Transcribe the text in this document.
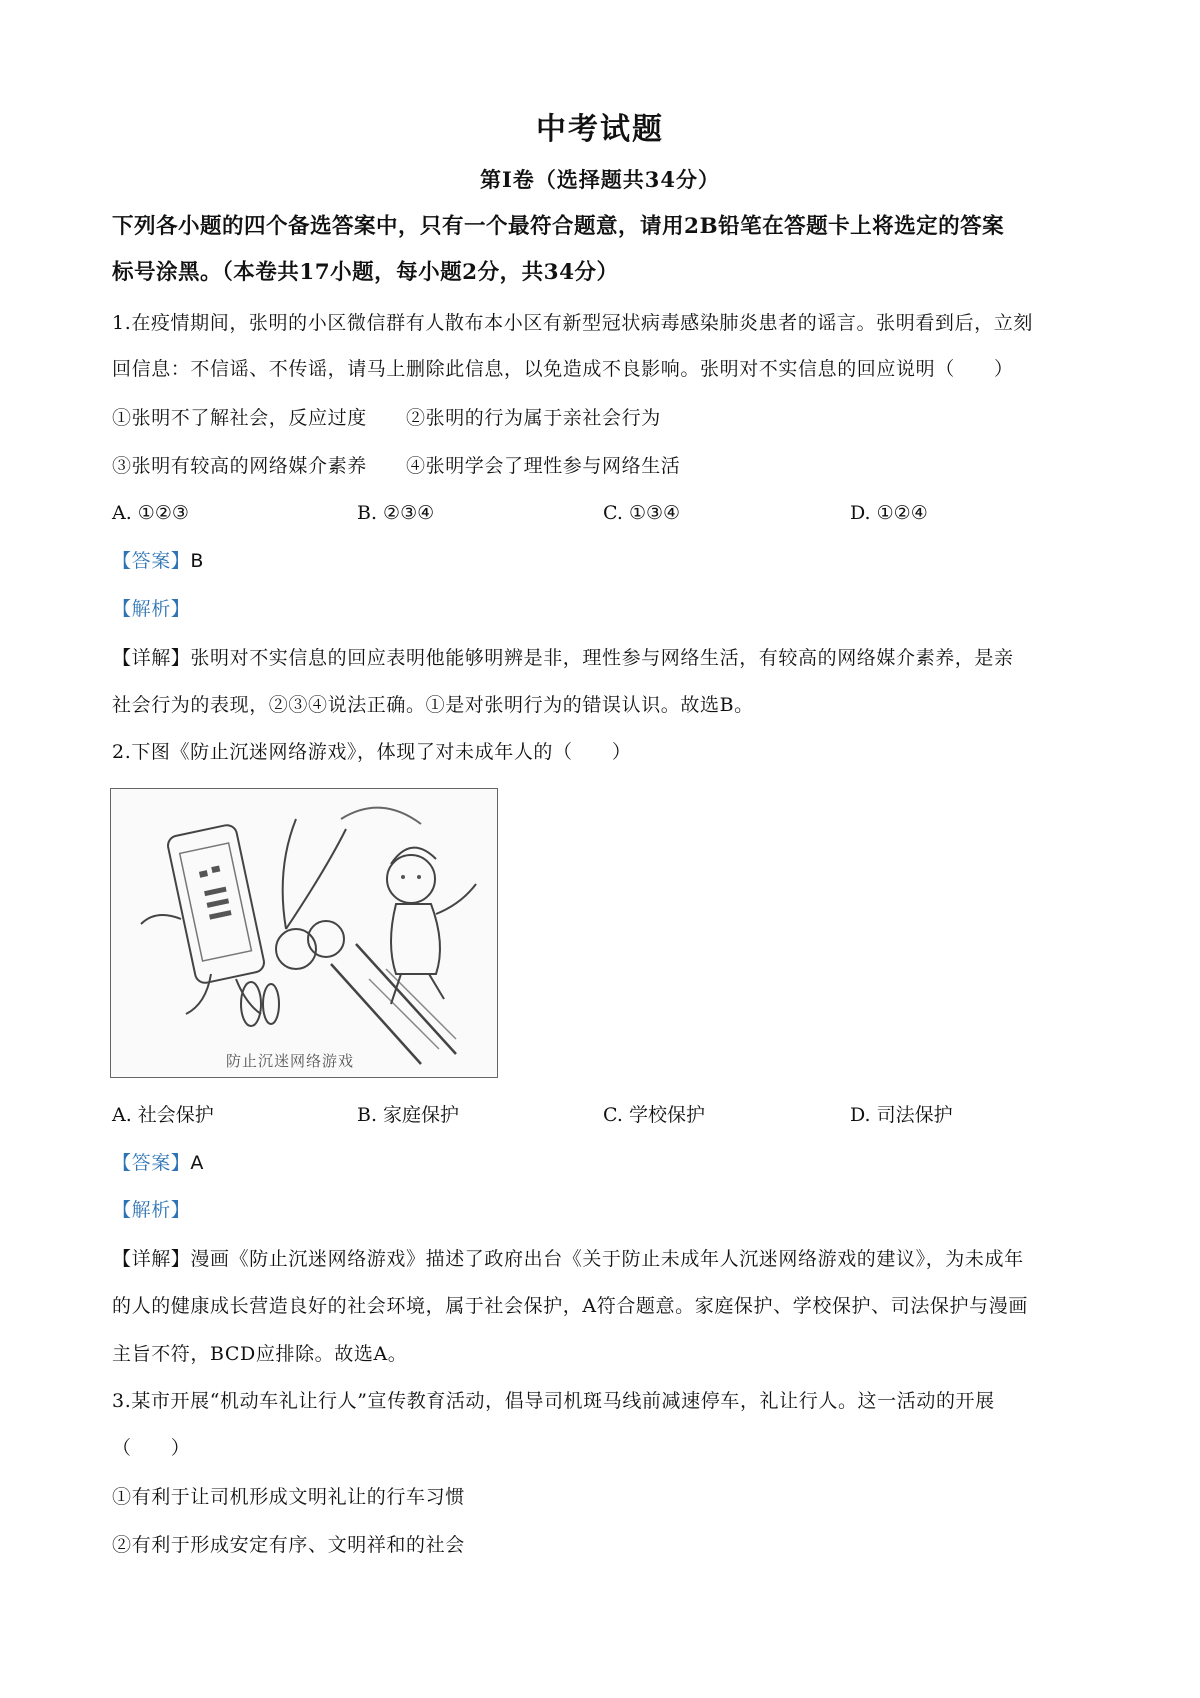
中考试题
第I卷（选择题共34分）
下列各小题的四个备选答案中，只有一个最符合题意，请用2B铅笔在答题卡上将选定的答案
标号涂黑。（本卷共17小题，每小题2分，共34分）
1.在疫情期间，张明的小区微信群有人散布本小区有新型冠状病毒感染肺炎患者的谣言。张明看到后，立刻
回信息：不信谣、不传谣，请马上删除此信息，以免造成不良影响。张明对不实信息的回应说明（　　）
①张明不了解社会，反应过度　　②张明的行为属于亲社会行为
③张明有较高的网络媒介素养　　④张明学会了理性参与网络生活
A. ①②③	B. ②③④	C. ①③④	D. ①②④
【答案】B
【解析】
【详解】张明对不实信息的回应表明他能够明辨是非，理性参与网络生活，有较高的网络媒介素养，是亲
社会行为的表现，②③④说法正确。①是对张明行为的错误认识。故选B。
2.下图《防止沉迷网络游戏》，体现了对未成年人的（　　）
防止沉迷网络游戏
A. 社会保护	B. 家庭保护	C. 学校保护	D. 司法保护
【答案】A
【解析】
【详解】漫画《防止沉迷网络游戏》描述了政府出台《关于防止未成年人沉迷网络游戏的建议》，为未成年
的人的健康成长营造良好的社会环境，属于社会保护，A符合题意。家庭保护、学校保护、司法保护与漫画
主旨不符，BCD应排除。故选A。
3.某市开展“机动车礼让行人”宣传教育活动，倡导司机斑马线前减速停车，礼让行人。这一活动的开展
（　　）
①有利于让司机形成文明礼让的行车习惯
②有利于形成安定有序、文明祥和的社会
